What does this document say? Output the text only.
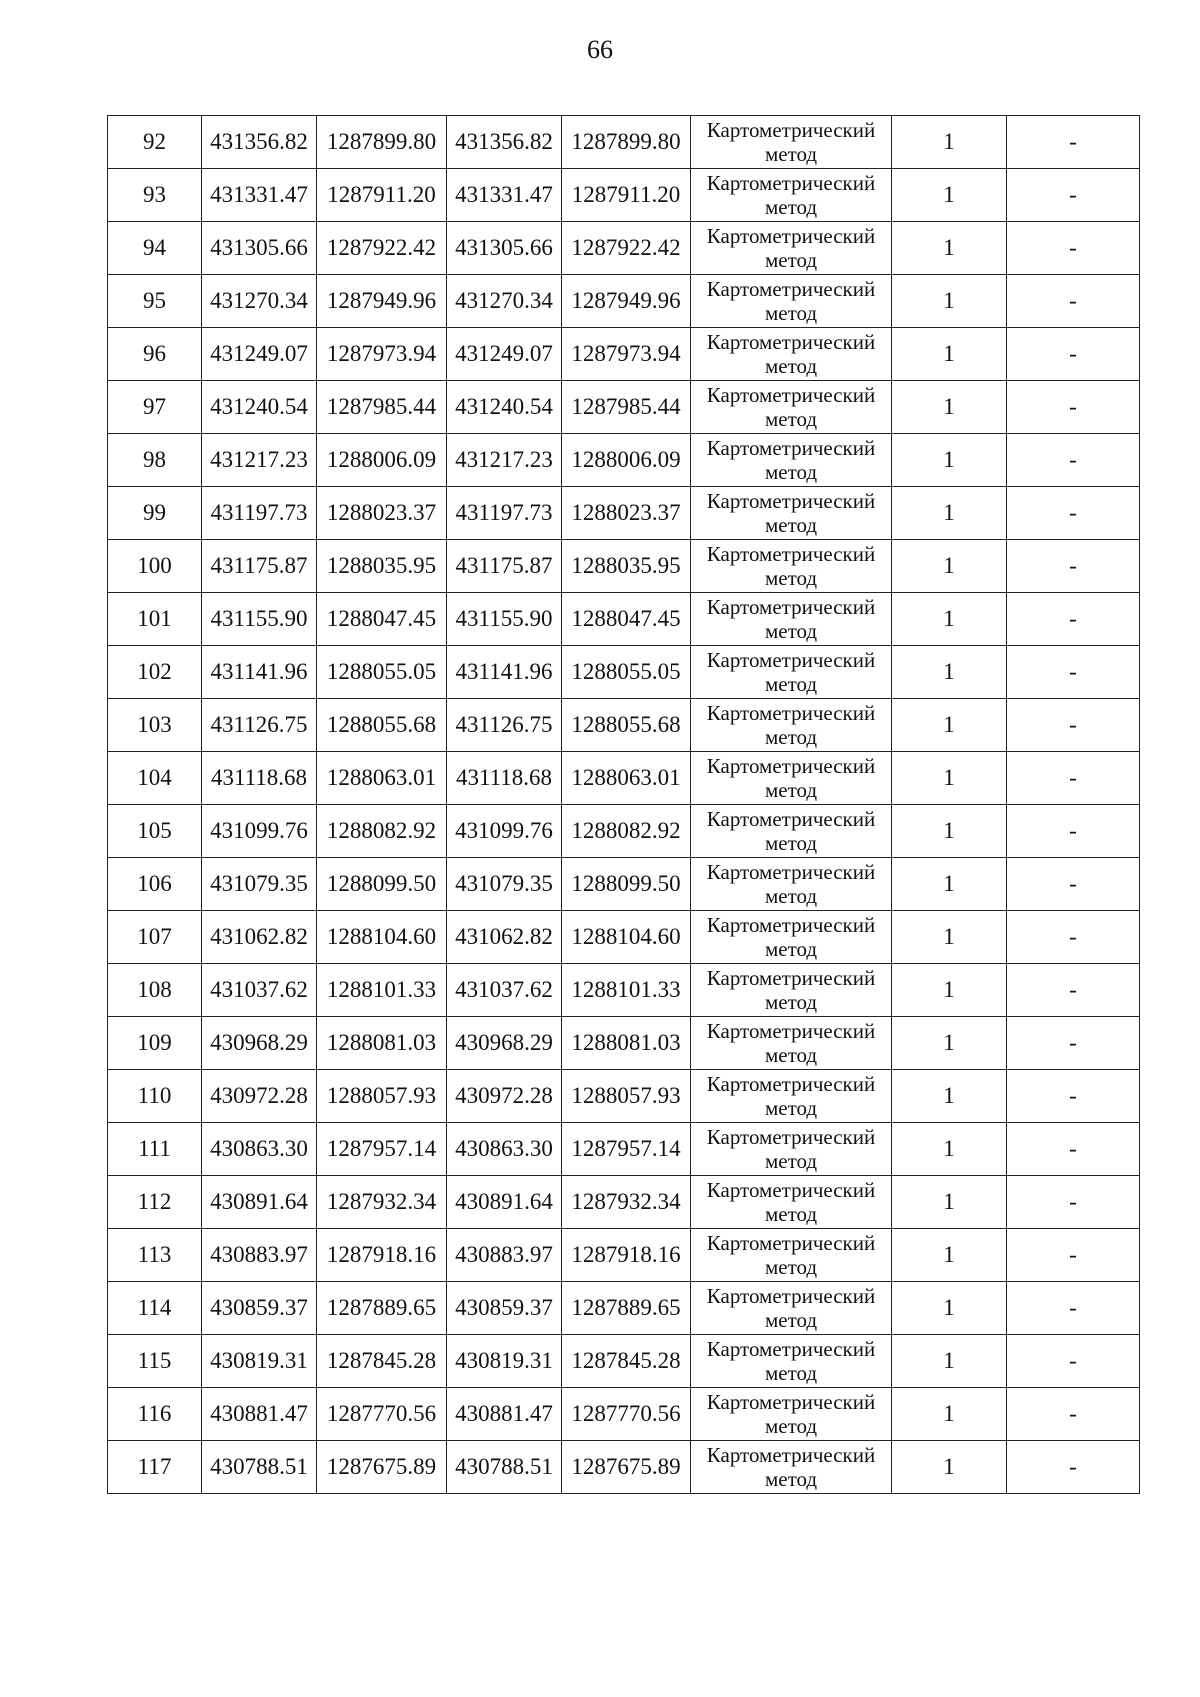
66
92	431356.82	1287899.80	431356.82	1287899.80	Картометрический
метод	1	-
93	431331.47	1287911.20	431331.47	1287911.20	Картометрический
метод	1	-
94	431305.66	1287922.42	431305.66	1287922.42	Картометрический
метод	1	-
95	431270.34	1287949.96	431270.34	1287949.96	Картометрический
метод	1	-
96	431249.07	1287973.94	431249.07	1287973.94	Картометрический
метод	1	-
97	431240.54	1287985.44	431240.54	1287985.44	Картометрический
метод	1	-
98	431217.23	1288006.09	431217.23	1288006.09	Картометрический
метод	1	-
99	431197.73	1288023.37	431197.73	1288023.37	Картометрический
метод	1	-
100	431175.87	1288035.95	431175.87	1288035.95	Картометрический
метод	1	-
101	431155.90	1288047.45	431155.90	1288047.45	Картометрический
метод	1	-
102	431141.96	1288055.05	431141.96	1288055.05	Картометрический
метод	1	-
103	431126.75	1288055.68	431126.75	1288055.68	Картометрический
метод	1	-
104	431118.68	1288063.01	431118.68	1288063.01	Картометрический
метод	1	-
105	431099.76	1288082.92	431099.76	1288082.92	Картометрический
метод	1	-
106	431079.35	1288099.50	431079.35	1288099.50	Картометрический
метод	1	-
107	431062.82	1288104.60	431062.82	1288104.60	Картометрический
метод	1	-
108	431037.62	1288101.33	431037.62	1288101.33	Картометрический
метод	1	-
109	430968.29	1288081.03	430968.29	1288081.03	Картометрический
метод	1	-
110	430972.28	1288057.93	430972.28	1288057.93	Картометрический
метод	1	-
111	430863.30	1287957.14	430863.30	1287957.14	Картометрический
метод	1	-
112	430891.64	1287932.34	430891.64	1287932.34	Картометрический
метод	1	-
113	430883.97	1287918.16	430883.97	1287918.16	Картометрический
метод	1	-
114	430859.37	1287889.65	430859.37	1287889.65	Картометрический
метод	1	-
115	430819.31	1287845.28	430819.31	1287845.28	Картометрический
метод	1	-
116	430881.47	1287770.56	430881.47	1287770.56	Картометрический
метод	1	-
117	430788.51	1287675.89	430788.51	1287675.89	Картометрический
метод	1	-
